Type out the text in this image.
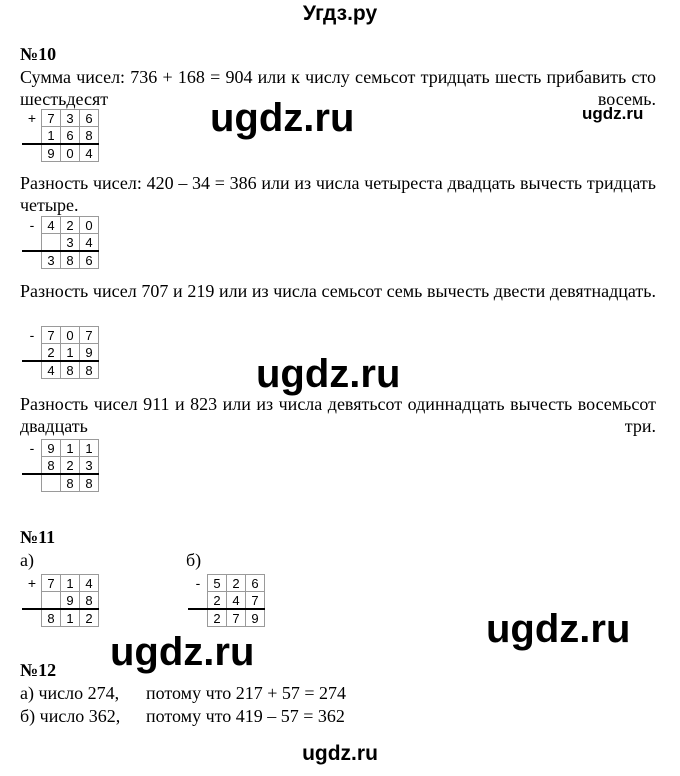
Угдз.ру
ugdz.ru	ugdz.ru
ugdz.ru
ugdz.ru
ugdz.ru
№10
Сумма чисел: 736 + 168 = 904 или к числу семьсот тридцать шесть прибавить сто шестьдесят восемь.
+	7	3	6
	1	6	8
	9	0	4
Разность чисел: 420 – 34 = 386 или из числа четыреста двадцать вычесть тридцать четыре.
-	4	2	0
		3	4
	3	8	6
Разность чисел 707 и 219 или из числа семьсот семь вычесть двести девятнадцать.
-	7	0	7
	2	1	9
	4	8	8
Разность чисел 911 и 823 или из числа девятьсот одиннадцать вычесть восемьсот двадцать три.
-	9	1	1
	8	2	3
		8	8
№11
а)	б)
+	7	1	4
		9	8
	8	1	2
-	5	2	6
	2	4	7
	2	7	9
№12
а) число 274, потому что 217 + 57 = 274
б) число 362, потому что 419 – 57 = 362
ugdz.ru
